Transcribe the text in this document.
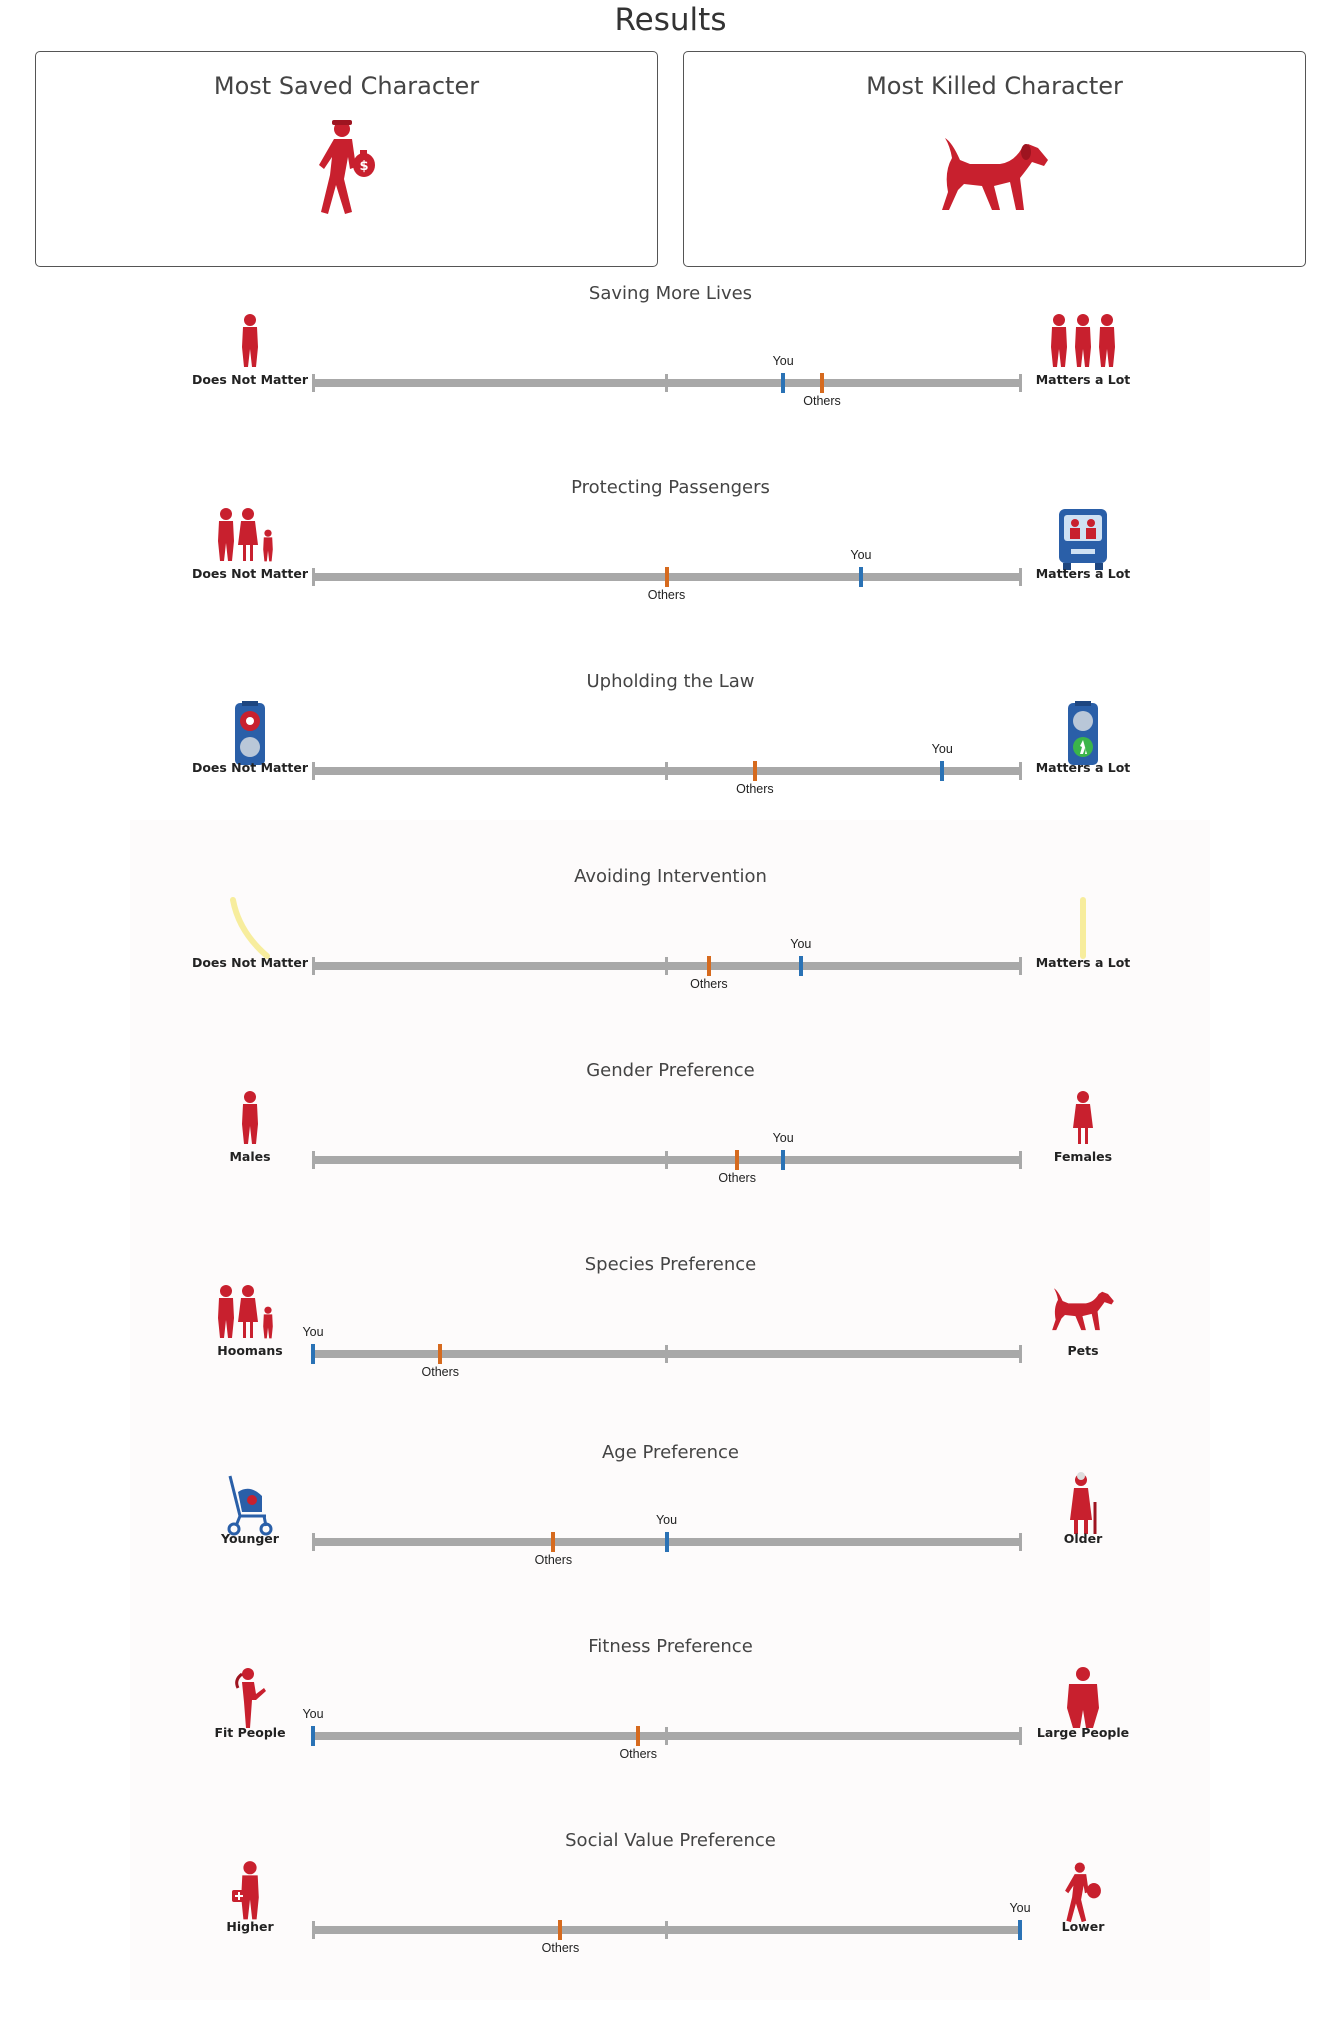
Results
Most Saved Character
$
Most Killed Character
Saving More Lives
Does Not Matter	Matters a Lot
Others
You
Protecting Passengers
Does Not Matter	Matters a Lot
Others
You
Upholding the Law
Does Not Matter	Matters a Lot
Others
You
Avoiding Intervention
Does Not Matter	Matters a Lot
Others
You
Gender Preference
Males	Females
Others
You
Species Preference
Hoomans	Pets
Others
You
Age Preference
Younger	Older
Others
You
Fitness Preference
Fit People	Large People
Others
You
Social Value Preference
Higher	Lower
Others
You
